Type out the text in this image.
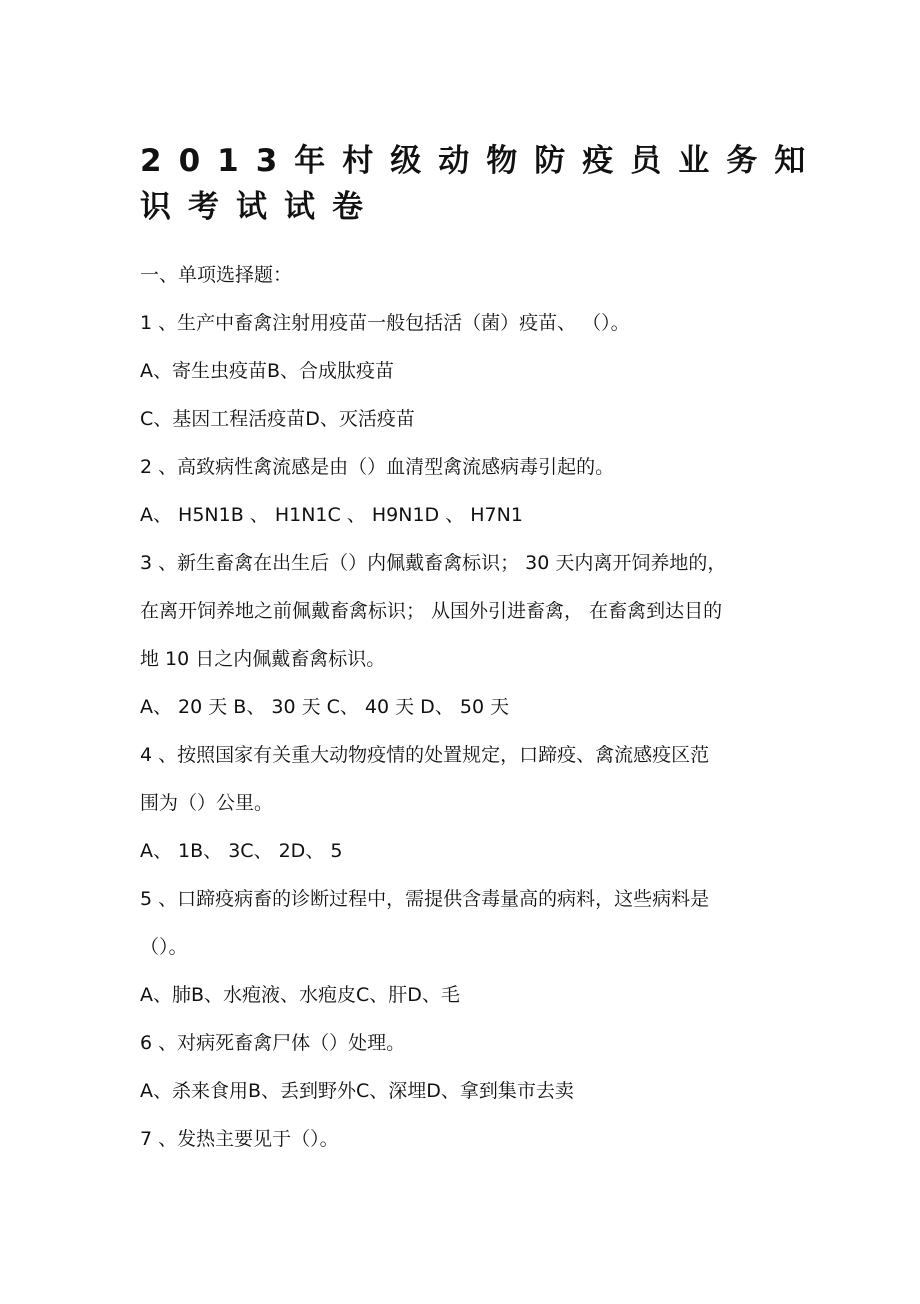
2013年村级动物防疫员业务知
识考试试卷

一、单项选择题：

1 、生产中畜禽注射用疫苗一般包括活（菌）疫苗、 （）。

A、寄生虫疫苗B、合成肽疫苗

C、基因工程活疫苗D、灭活疫苗

2 、高致病性禽流感是由（）血清型禽流感病毒引起的。

A、 H5N1B 、 H1N1C 、 H9N1D 、 H7N1

3 、新生畜禽在出生后（）内佩戴畜禽标识； 30 天内离开饲养地的，

在离开饲养地之前佩戴畜禽标识； 从国外引进畜禽， 在畜禽到达目的

地 10 日之内佩戴畜禽标识。

A、 20 天 B、 30 天 C、 40 天 D、 50 天

4 、按照国家有关重大动物疫情的处置规定，口蹄疫、禽流感疫区范

围为（）公里。

A、 1B、 3C、 2D、 5

5 、口蹄疫病畜的诊断过程中，需提供含毒量高的病料，这些病料是

（）。

A、肺B、水疱液、水疱皮C、肝D、毛

6 、对病死畜禽尸体（）处理。

A、杀来食用B、丢到野外C、深埋D、拿到集市去卖

7 、发热主要见于（）。
